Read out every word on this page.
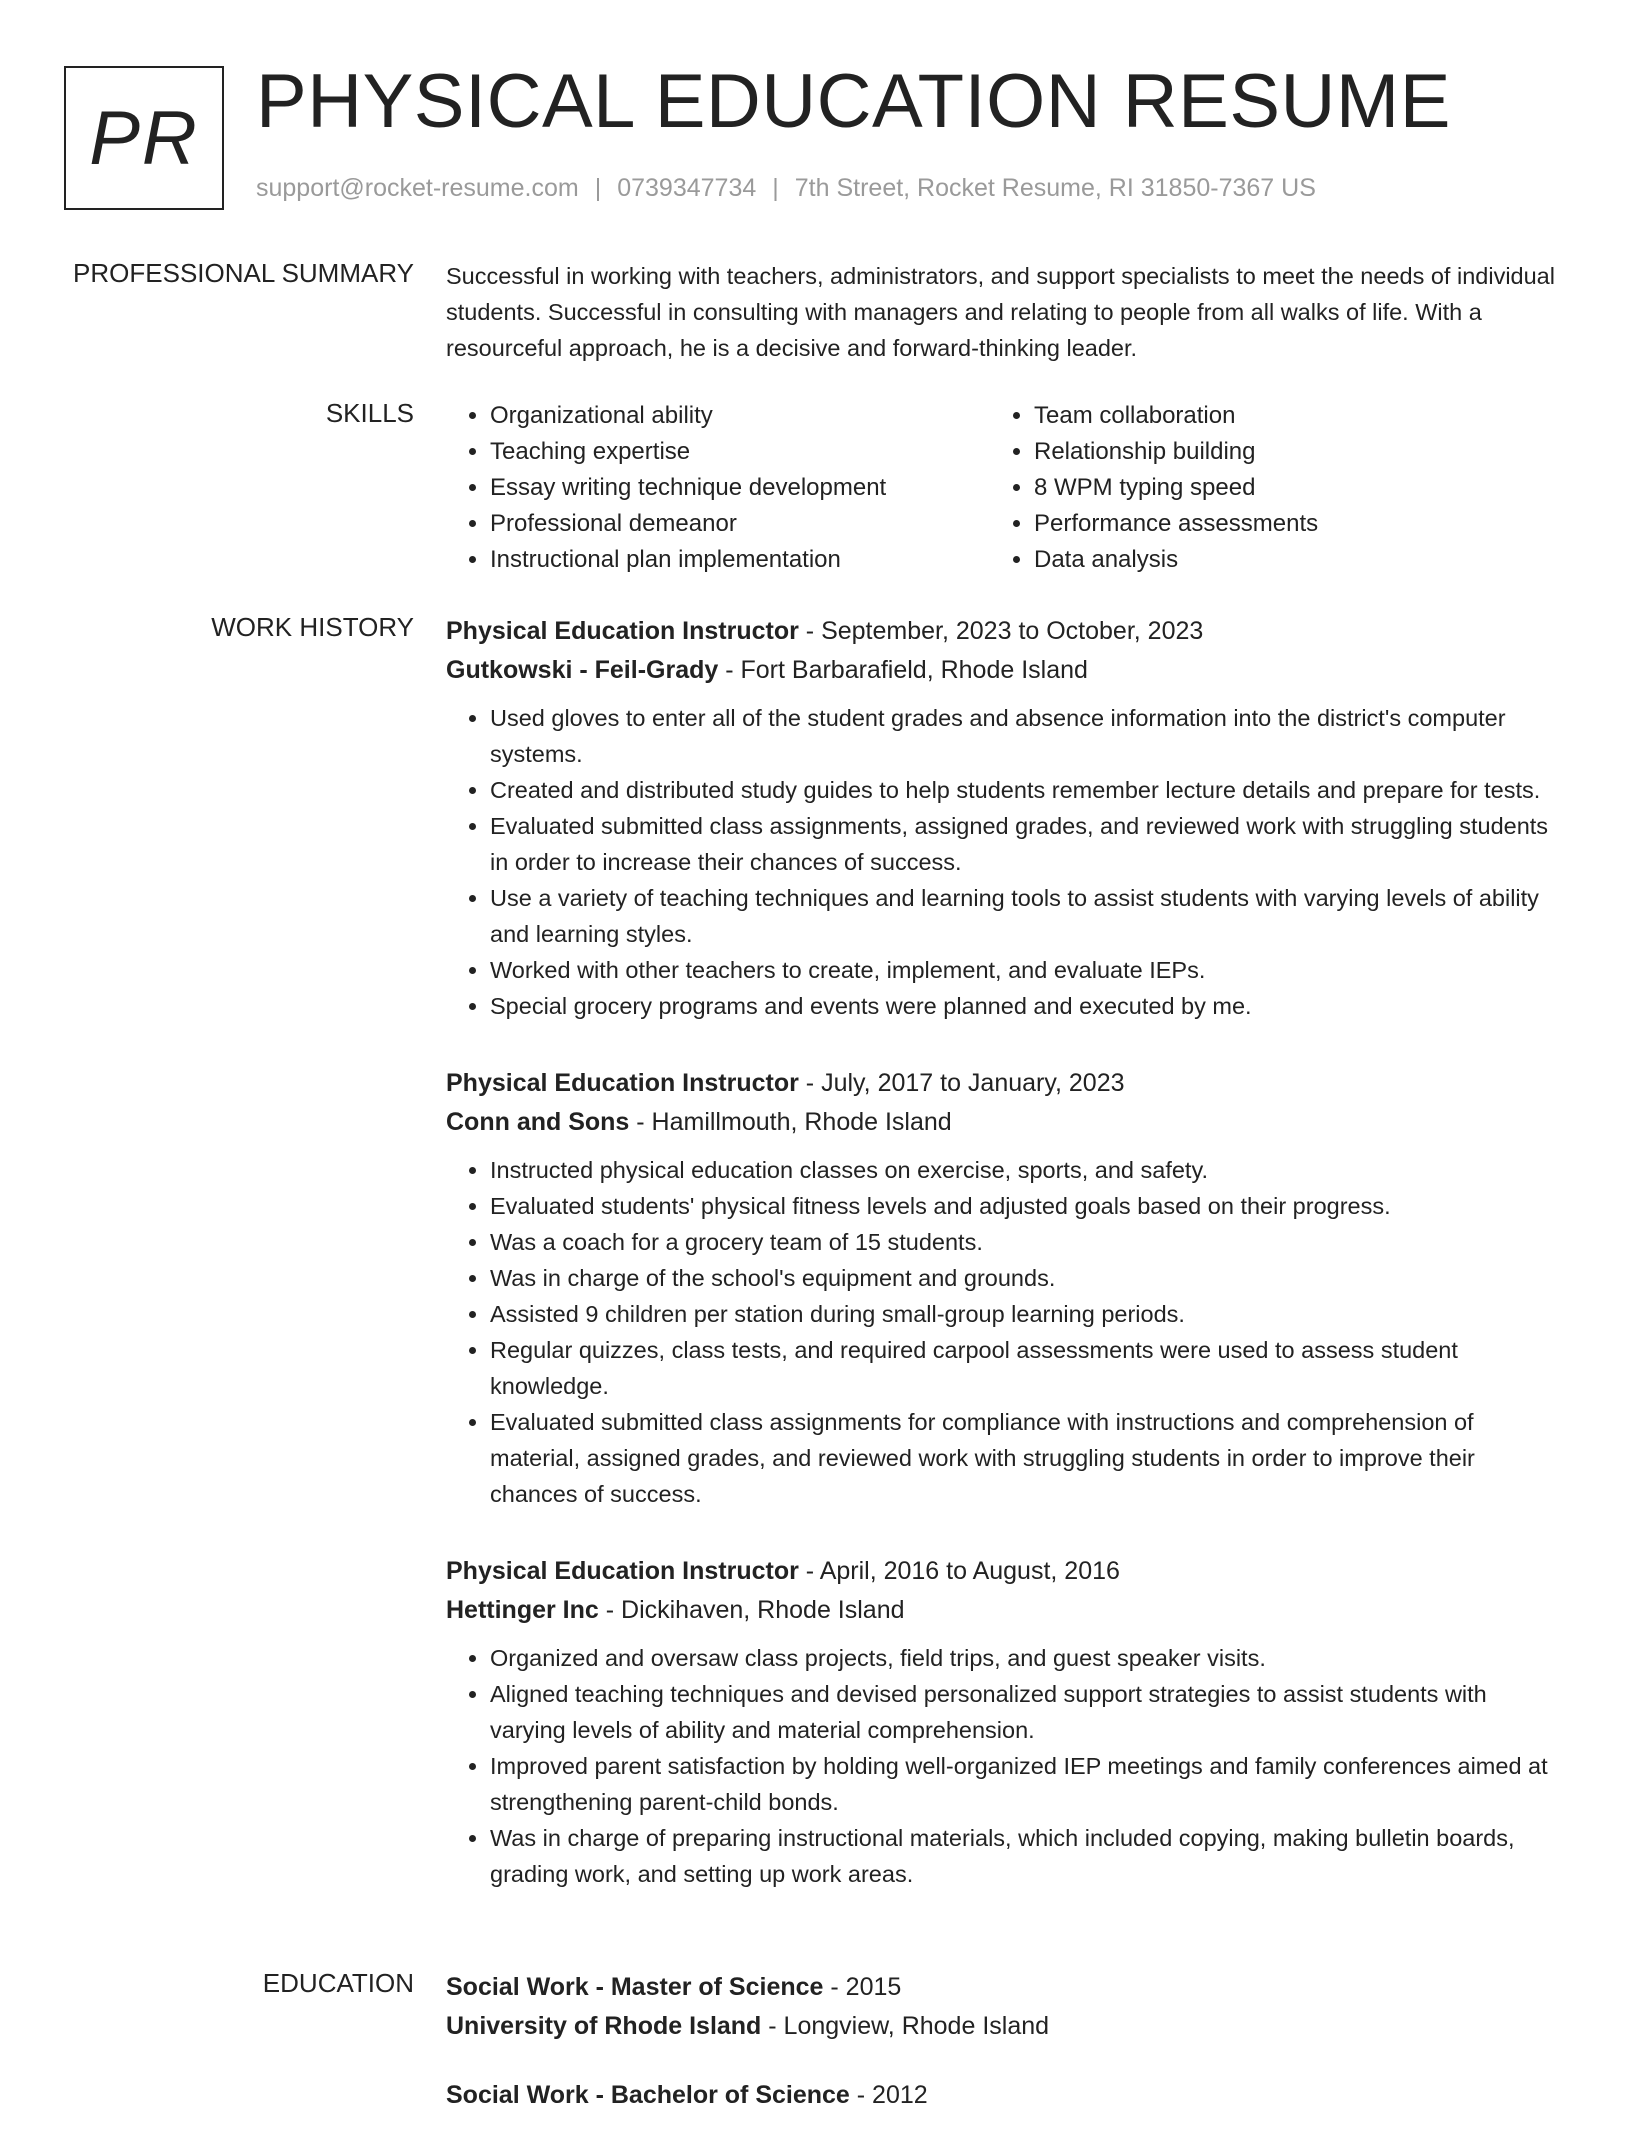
PR PHYSICAL EDUCATION RESUME
support@rocket-resume.com | 0739347734 | 7th Street, Rocket Resume, RI 31850-7367 US
PROFESSIONAL SUMMARY Successful in working with teachers, administrators, and support specialists to meet the needs of individual students. Successful in consulting with managers and relating to people from all walks of life. With a resourceful approach, he is a decisive and forward-thinking leader.

SKILLS
•	Organizational ability
• Teaching expertise
• Essay writing technique development
• Professional demeanor
• Instructional plan implementation
• Team collaboration
• Relationship building
• 8 WPM typing speed
• Performance assessments
• Data analysis
WORK HISTORY Physical Education Instructor - September, 2023 to October, 2023
Gutkowski - Feil-Grady - Fort Barbarafield, Rhode Island
• Used gloves to enter all of the student grades and absence information into the district's computer systems.
• Created and distributed study guides to help students remember lecture details and prepare for tests.
• Evaluated submitted class assignments, assigned grades, and reviewed work with struggling students in order to increase their chances of success.
• Use a variety of teaching techniques and learning tools to assist students with varying levels of ability and learning styles.
• Worked with other teachers to create, implement, and evaluate IEPs.
• Special grocery programs and events were planned and executed by me.
Physical Education Instructor - July, 2017 to January, 2023
Conn and Sons - Hamillmouth, Rhode Island
• Instructed physical education classes on exercise, sports, and safety.
• Evaluated students' physical fitness levels and adjusted goals based on their progress.
• Was a coach for a grocery team of 15 students.
• Was in charge of the school's equipment and grounds.
• Assisted 9 children per station during small-group learning periods.
• Regular quizzes, class tests, and required carpool assessments were used to assess student knowledge.
• Evaluated submitted class assignments for compliance with instructions and comprehension of material, assigned grades, and reviewed work with struggling students in order to improve their chances of success.
Physical Education Instructor - April, 2016 to August, 2016
Hettinger Inc - Dickihaven, Rhode Island
• Organized and oversaw class projects, field trips, and guest speaker visits.
• Aligned teaching techniques and devised personalized support strategies to assist students with varying levels of ability and material comprehension.
• Improved parent satisfaction by holding well-organized IEP meetings and family conferences aimed at strengthening parent-child bonds.
• Was in charge of preparing instructional materials, which included copying, making bulletin boards, grading work, and setting up work areas.
EDUCATION Social Work - Master of Science - 2015
University of Rhode Island - Longview, Rhode Island
Social Work - Bachelor of Science - 2012
